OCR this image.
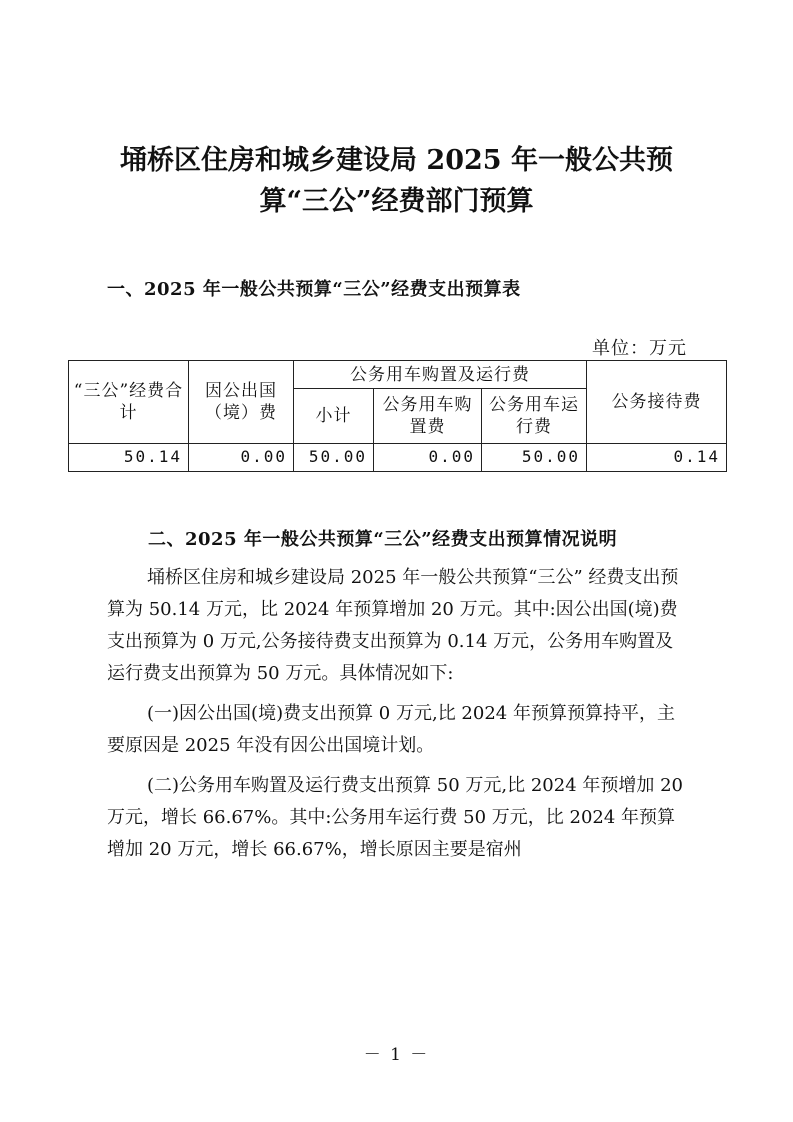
埇桥区住房和城乡建设局 2025 年一般公共预
算“三公”经费部门预算
一、2025 年一般公共预算“三公”经费支出预算表
单位：万元
“三公”经费合计	因公出国（境）费	公务用车购置及运行费			公务接待费
		小计	公务用车购置费	公务用车运行费	
50.14	0.00	50.00	0.00	50.00	0.14
二、2025 年一般公共预算“三公”经费支出预算情况说明

埇桥区住房和城乡建设局 2025 年一般公共预算“三公” 经费支出预算为 50.14 万元，比 2024 年预算增加 20 万元。其中:因公出国(境)费支出预算为 0 万元,公务接待费支出预算为 0.14 万元，公务用车购置及运行费支出预算为 50 万元。具体情况如下:

(一)因公出国(境)费支出预算 0 万元,比 2024 年预算预算持平，主要原因是 2025 年没有因公出国境计划。

(二)公务用车购置及运行费支出预算 50 万元,比 2024 年预增加 20 万元，增长 66.67%。其中:公务用车运行费 50 万元，比 2024 年预算增加 20 万元，增长 66.67%，增长原因主要是宿州

－ 1 －
